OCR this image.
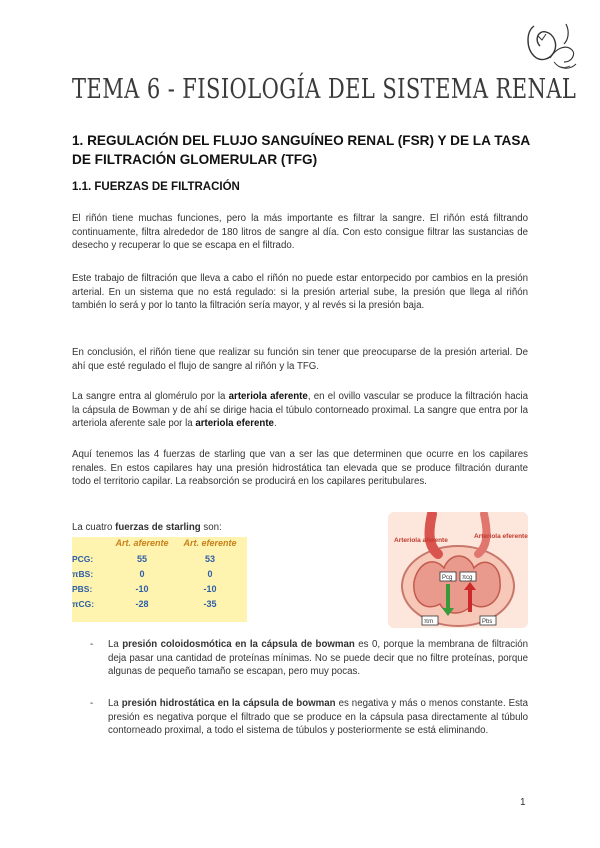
TEMA 6 - FISIOLOGÍA DEL SISTEMA RENAL
1. REGULACIÓN DEL FLUJO SANGUÍNEO RENAL (FSR) Y DE LA TASA DE FILTRACIÓN GLOMERULAR (TFG)
1.1. FUERZAS DE FILTRACIÓN

El riñón tiene muchas funciones, pero la más importante es filtrar la sangre. El riñón está filtrando continuamente, filtra alrededor de 180 litros de sangre al día. Con esto consigue filtrar las sustancias de desecho y recuperar lo que se escapa en el filtrado.

Este trabajo de filtración que lleva a cabo el riñón no puede estar entorpecido por cambios en la presión arterial. En un sistema que no está regulado: si la presión arterial sube, la presión que llega al riñón también lo será y por lo tanto la filtración sería mayor, y al revés si la presión baja.

En conclusión, el riñón tiene que realizar su función sin tener que preocuparse de la presión arterial. De ahí que esté regulado el flujo de sangre al riñón y la TFG.

La sangre entra al glomérulo por la arteriola aferente, en el ovillo vascular se produce la filtración hacia la cápsula de Bowman y de ahí se dirige hacia el túbulo contorneado proximal. La sangre que entra por la arteriola aferente sale por la arteriola eferente.

Aquí tenemos las 4 fuerzas de starling que van a ser las que determinen que ocurre en los capilares renales. En estos capilares hay una presión hidrostática tan elevada que se produce filtración durante todo el territorio capilar. La reabsorción se producirá en los capilares peritubulares.

La cuatro fuerzas de starling son:

	Art. aferente	Art. eferente
PCG:	55	53
πBS:	0	0
PBS:	-10	-10
πCG:	-28	-35
Pcg πcg
πm	Pbs
Arteriola aferente
Arteriola eferente

- La presión coloidosmótica en la cápsula de bowman es 0, porque la membrana de filtración deja pasar una cantidad de proteínas mínimas. No se puede decir que no filtre proteínas, porque algunas de pequeño tamaño se escapan, pero muy pocas.

- La presión hidrostática en la cápsula de bowman es negativa y más o menos constante. Esta presión es negativa porque el filtrado que se produce en la cápsula pasa directamente al túbulo contorneado proximal, a todo el sistema de túbulos y posteriormente se está eliminando.

1
